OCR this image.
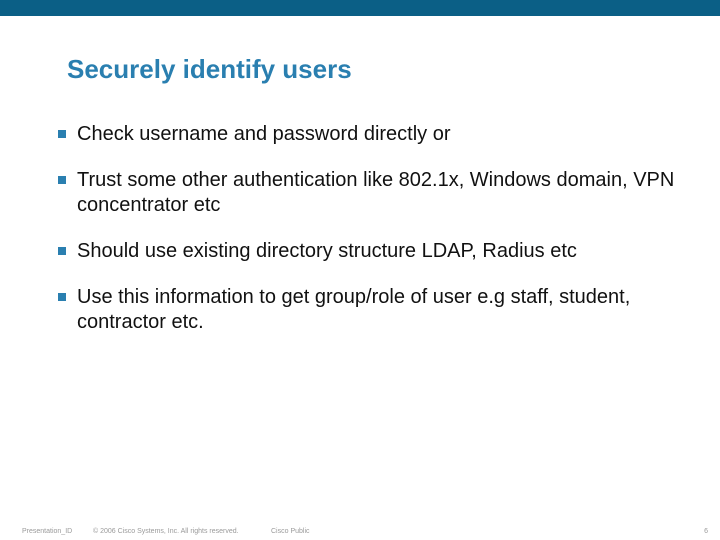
Securely identify users
Check username and password directly or
Trust some other authentication like 802.1x, Windows domain, VPN concentrator etc
Should use existing directory structure LDAP, Radius etc
Use this information to get group/role of user e.g staff, student, contractor etc.
Presentation_ID	© 2006 Cisco Systems, Inc. All rights reserved.	Cisco Public	6
